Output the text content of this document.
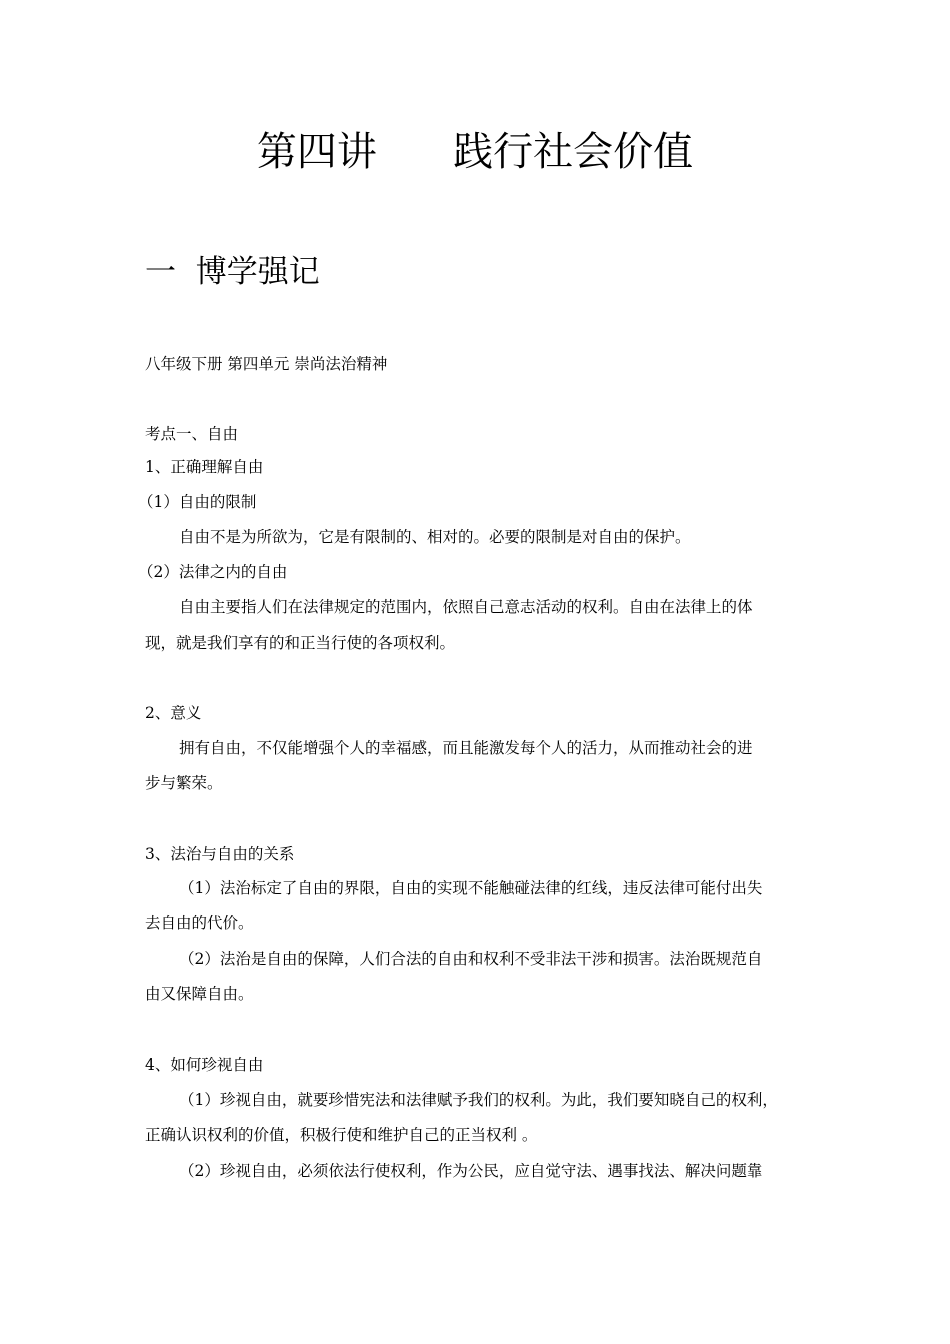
第四讲      践行社会价值
一  博学强记
八年级下册 第四单元 崇尚法治精神
考点一、自由
1、正确理解自由
（1）自由的限制
自由不是为所欲为，它是有限制的、相对的。必要的限制是对自由的保护。
（2）法律之内的自由
自由主要指人们在法律规定的范围内，依照自己意志活动的权利。自由在法律上的体
现，就是我们享有的和正当行使的各项权利。
2、意义
拥有自由，不仅能增强个人的幸福感，而且能激发每个人的活力，从而推动社会的进
步与繁荣。
3、法治与自由的关系
（1）法治标定了自由的界限，自由的实现不能触碰法律的红线，违反法律可能付出失
去自由的代价。
（2）法治是自由的保障，人们合法的自由和权利不受非法干涉和损害。法治既规范自
由又保障自由。
4、如何珍视自由
（1）珍视自由，就要珍惜宪法和法律赋予我们的权利。为此，我们要知晓自己的权利，
正确认识权利的价值，积极行使和维护自己的正当权利 。
（2）珍视自由，必须依法行使权利，作为公民，应自觉守法、遇事找法、解决问题靠
